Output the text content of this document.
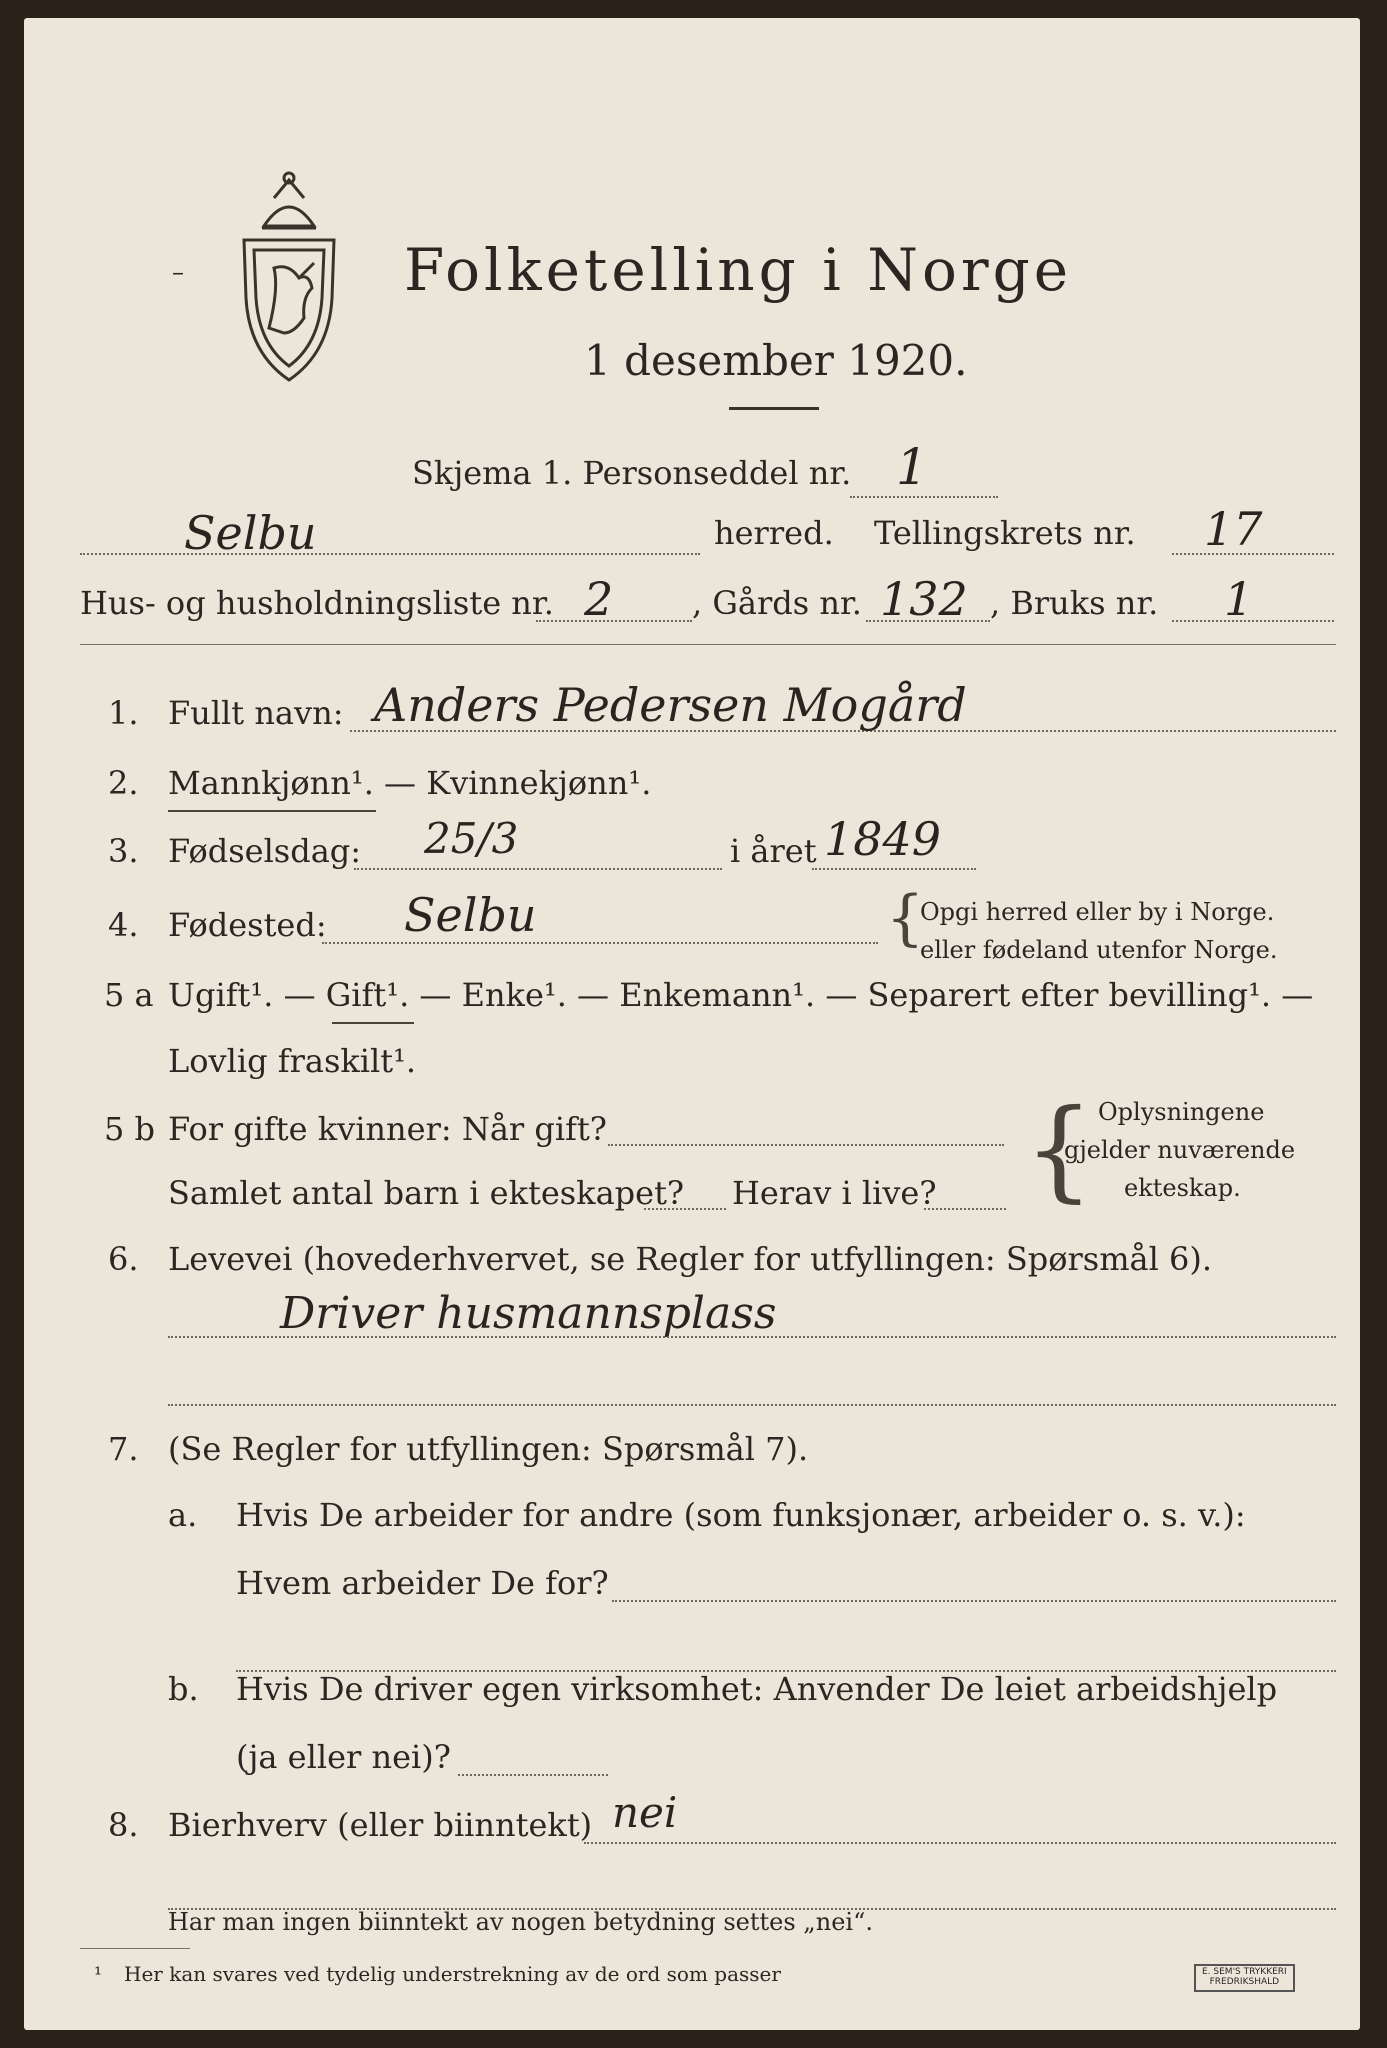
–	Folketelling i Norge
1 desember 1920.
Skjema 1. Personseddel nr. 1
Selbu	herred. Tellingskrets nr. 17
Hus- og husholdningsliste nr. 2 , Gårds nr. 132 , Bruks nr. 1
1. Fullt navn: Anders Pedersen Mogård
2. Mannkjønn¹. — Kvinnekjønn¹.
3. Fødselsdag: 25/3	i året 1849
4. Fødested: Selbu	{
Opgi herred eller by i Norge.
eller fødeland utenfor Norge.
5 a Ugift¹. — Gift¹. — Enke¹. — Enkemann¹. — Separert efter bevilling¹. —
Lovlig fraskilt¹.
5 b For gifte kvinner: Når gift?
Samlet antal barn i ekteskapet? Herav i live? { Oplysningene
gjelder nuværende
ekteskap.
6. Levevei (hovederhvervet, se Regler for utfyllingen: Spørsmål 6).
Driver husmannsplass
7. (Se Regler for utfyllingen: Spørsmål 7).
a. Hvis De arbeider for andre (som funksjonær, arbeider o. s. v.):
Hvem arbeider De for?
b. Hvis De driver egen virksomhet: Anvender De leiet arbeidshjelp
(ja eller nei)?
8. Bierhverv (eller biinntekt) nei
Har man ingen biinntekt av nogen betydning settes „nei“.
¹ Her kan svares ved tydelig understrekning av de ord som passer	E. SEM'S TRYKKERI
FREDRIKSHALD
